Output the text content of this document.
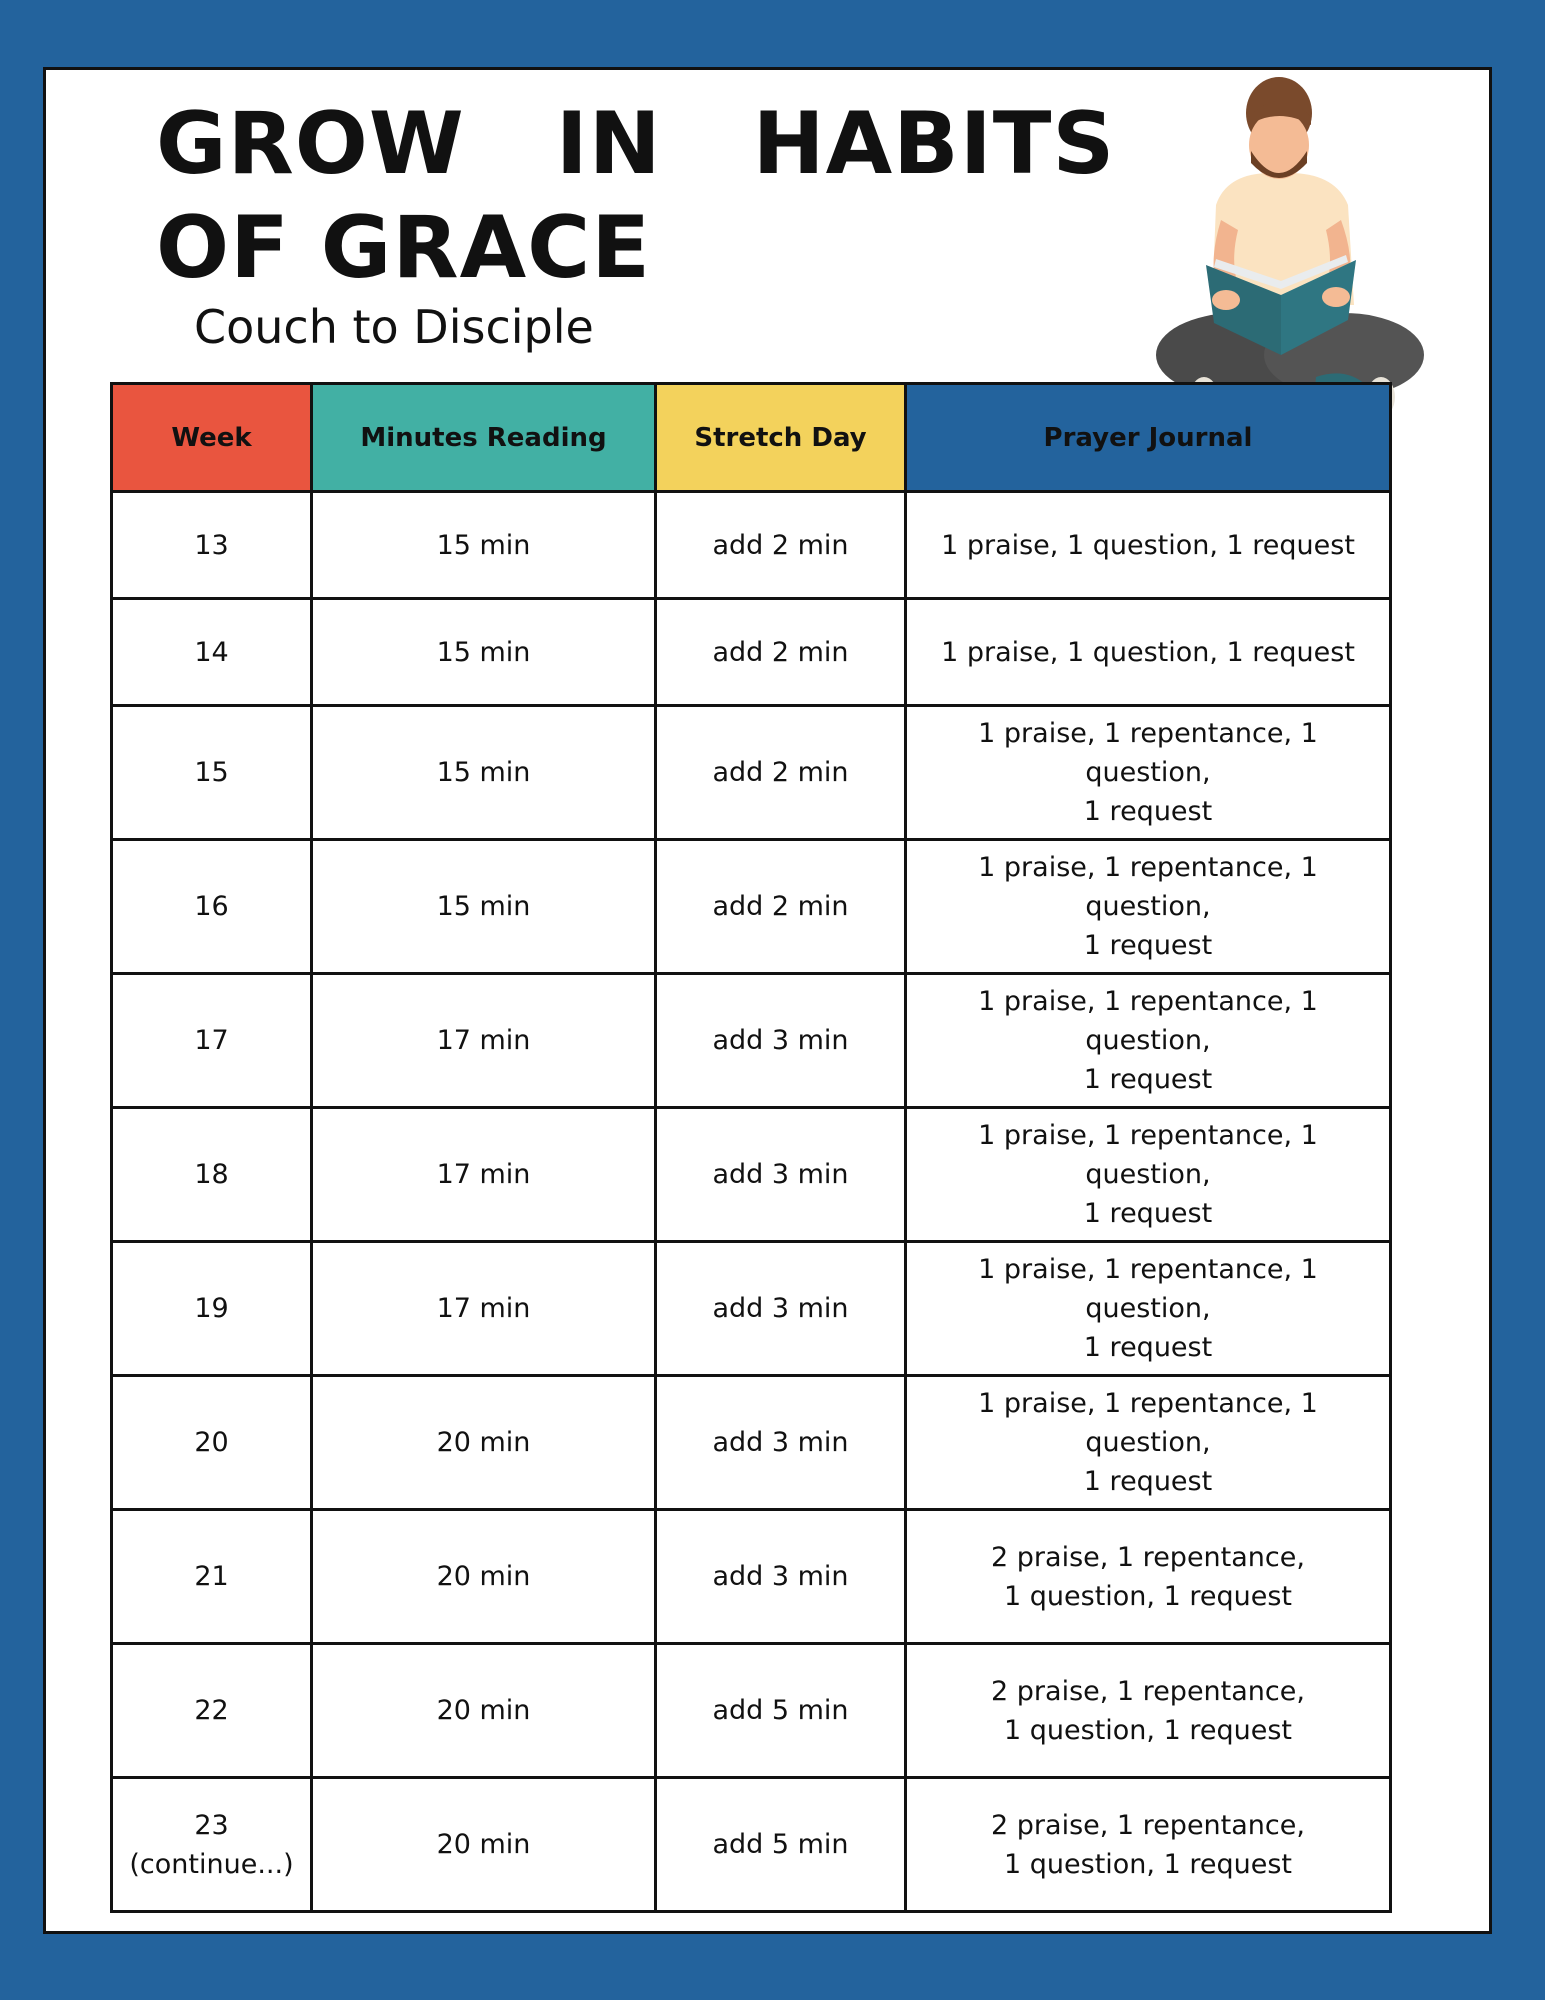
GROW IN HABITS
OF GRACE
Couch to Disciple
Week	Minutes Reading	Stretch Day	Prayer Journal
13	15 min	add 2 min	1 praise, 1 question, 1 request
14	15 min	add 2 min	1 praise, 1 question, 1 request
15	15 min	add 2 min	1 praise, 1 repentance, 1 question,
1 request
16	15 min	add 2 min	1 praise, 1 repentance, 1 question,
1 request
17	17 min	add 3 min	1 praise, 1 repentance, 1 question,
1 request
18	17 min	add 3 min	1 praise, 1 repentance, 1 question,
1 request
19	17 min	add 3 min	1 praise, 1 repentance, 1 question,
1 request
20	20 min	add 3 min	1 praise, 1 repentance, 1 question,
1 request
21	20 min	add 3 min	2 praise, 1 repentance,
1 question, 1 request
22	20 min	add 5 min	2 praise, 1 repentance,
1 question, 1 request
23
(continue...)	20 min	add 5 min	2 praise, 1 repentance,
1 question, 1 request
